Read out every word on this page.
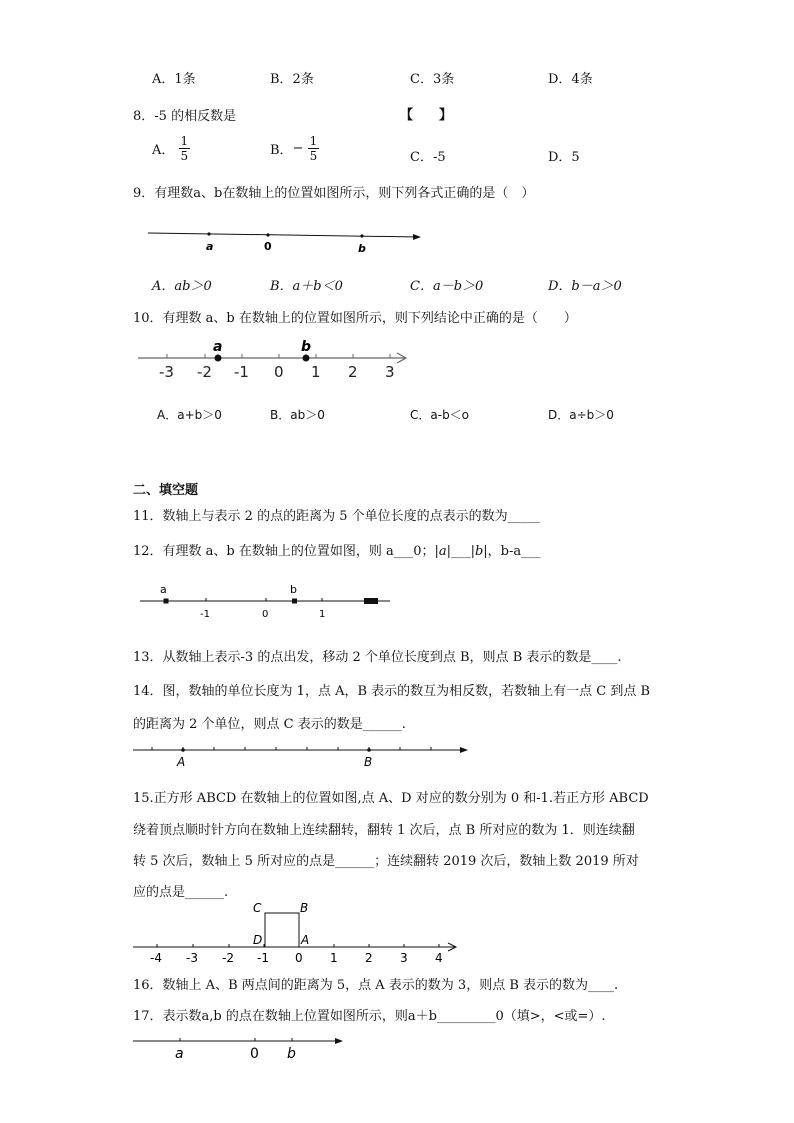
A．1条	B．2条	C．3条	D．4条
8．-5 的相反数是	【　　】
A． $\frac{1}{5}$	B．− $\frac{1}{5}$	C．-5	D．5
9．有理数a、b在数轴上的位置如图所示，则下列各式正确的是（　）
a	0	b
A．ab＞0	B．a＋b＜0	C．a－b＞0	D．b－a＞0
10．有理数 a、b 在数轴上的位置如图所示，则下列结论中正确的是（　　）
-3 -2 -1 0 1 2 3
a	b
A．a+b＞0	B．ab＞0	C．a-b＜o	D．a÷b＞0
二、填空题
11．数轴上与表示 2 的点的距离为 5 个单位长度的点表示的数为_____
12．有理数 a、b 在数轴上的位置如图，则 a___0；|a|___|b|，b-a___
a
-1	0
b
1
13．从数轴上表示-3 的点出发，移动 2 个单位长度到点 B，则点 B 表示的数是____.
14．图，数轴的单位长度为 1，点 A，B 表示的数互为相反数，若数轴上有一点 C 到点 B
的距离为 2 个单位，则点 C 表示的数是______.
A	B
15.正方形 ABCD 在数轴上的位置如图,点 A、D 对应的数分别为 0 和-1.若正方形 ABCD
绕着顶点顺时针方向在数轴上连续翻转，翻转 1 次后，点 B 所对应的数为 1．则连续翻
转 5 次后，数轴上 5 所对应的点是______；连续翻转 2019 次后，数轴上数 2019 所对
应的点是______.
-4 -3 -2 -1 0 1 2 3 4
C	B
D	A
16．数轴上 A、B 两点间的距离为 5，点 A 表示的数为 3，则点 B 表示的数为____.
17．表示数a,b 的点在数轴上位置如图所示，则a＋b_________0（填>，<或=）.
a	0 b
